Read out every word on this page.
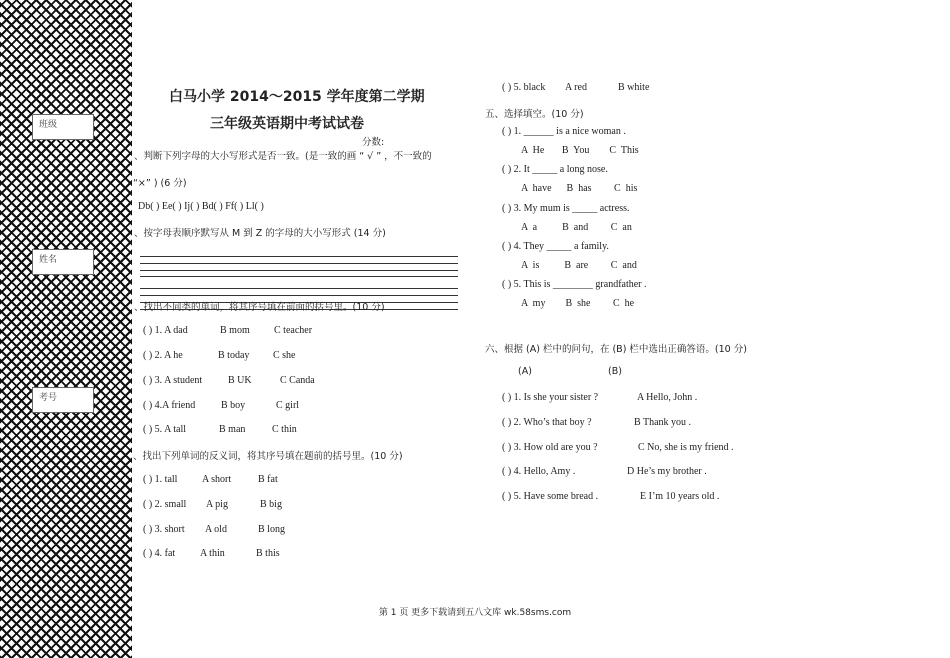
班级
姓名
考号
白马小学 2014～2015 学年度第二学期
三年级英语期中考试试卷
分数:
、判断下列字母的大小写形式是否一致。(是一致的画 “ √ ” ，不一致的
“×” ) (6 分)
Db( ) Ee( ) Ij( ) Bd( ) Ff( ) Ll( )
、按字母表顺序默写从 M 到 Z 的字母的大小写形式 (14 分)
、找出不同类的单词，将其序号填在前面的括号里。(10 分)
( ) 1. A dad	B mom C teacher
( ) 2. A he	B today C she
( ) 3. A student	B UK	C Canda
( ) 4.A friend	B boy	C girl
( ) 5. A tall	B man	C thin
、找出下列单词的反义词，将其序号填在题前的括号里。(10 分)
( ) 1. tall A short	B fat
( ) 2. small A pig	B big
( ) 3. short A old	B long
( ) 4. fat A thin	B this
( ) 5. black A red	B white
五、选择填空。(10 分)
( ) 1. ______ is a nice woman .
A  He       B  You        C  This
( ) 2. It _____ a long nose.
A  have      B  has         C  his
( ) 3. My mum is _____ actress.
A  a          B  and         C  an
( ) 4. They _____ a family.
A  is          B  are         C  and
( ) 5. This is ________ grandfather .
A  my        B  she         C  he
六、根据 (A) 栏中的问句，在 (B) 栏中选出正确答语。(10 分)
(A)	(B)
( ) 1. Is she your sister ?	A Hello, John .
( ) 2. Who’s that boy ?	B Thank you .
( ) 3. How old are you ?	C No, she is my friend .
( ) 4. Hello, Amy .	D He’s my brother .
( ) 5. Have some bread .	E I’m 10 years old .
第 1 页 更多下载请到五八文库 wk.58sms.com
